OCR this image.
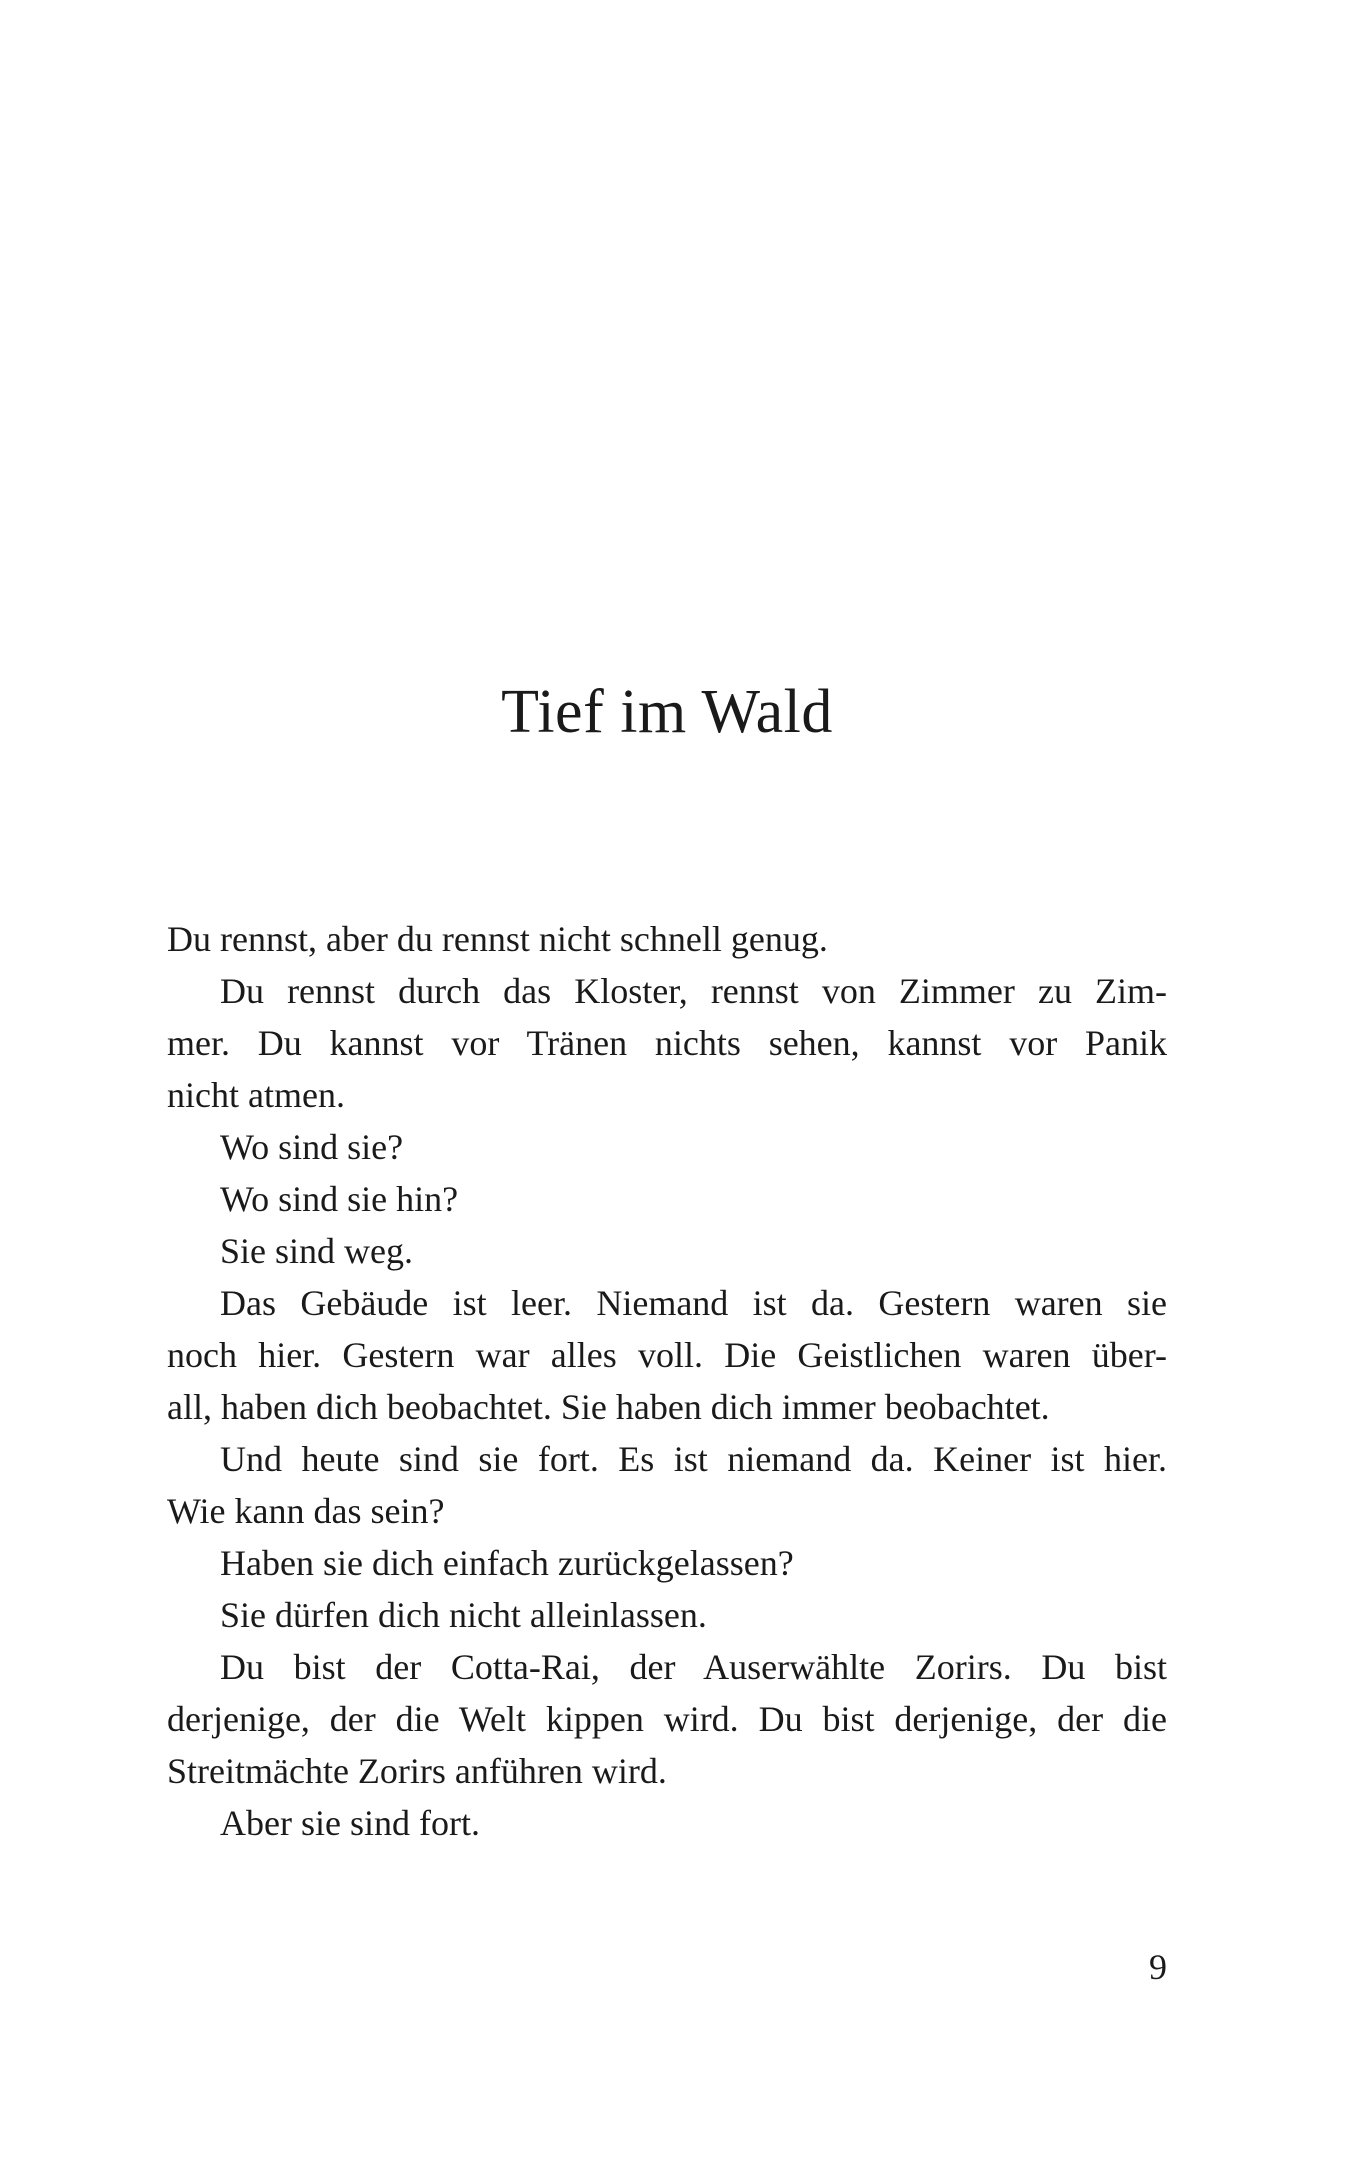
Tief im Wald
Du rennst, aber du rennst nicht schnell genug.
Du rennst durch das Kloster, rennst von Zimmer zu Zim-
mer. Du kannst vor Tränen nichts sehen, kannst vor Panik
nicht atmen.
Wo sind sie?
Wo sind sie hin?
Sie sind weg.
Das Gebäude ist leer. Niemand ist da. Gestern waren sie
noch hier. Gestern war alles voll. Die Geistlichen waren über-
all, haben dich beobachtet. Sie haben dich immer beobachtet.
Und heute sind sie fort. Es ist niemand da. Keiner ist hier.
Wie kann das sein?
Haben sie dich einfach zurückgelassen?
Sie dürfen dich nicht alleinlassen.
Du bist der Cotta-Rai, der Auserwählte Zorirs. Du bist
derjenige, der die Welt kippen wird. Du bist derjenige, der die
Streitmächte Zorirs anführen wird.
Aber sie sind fort.
9
